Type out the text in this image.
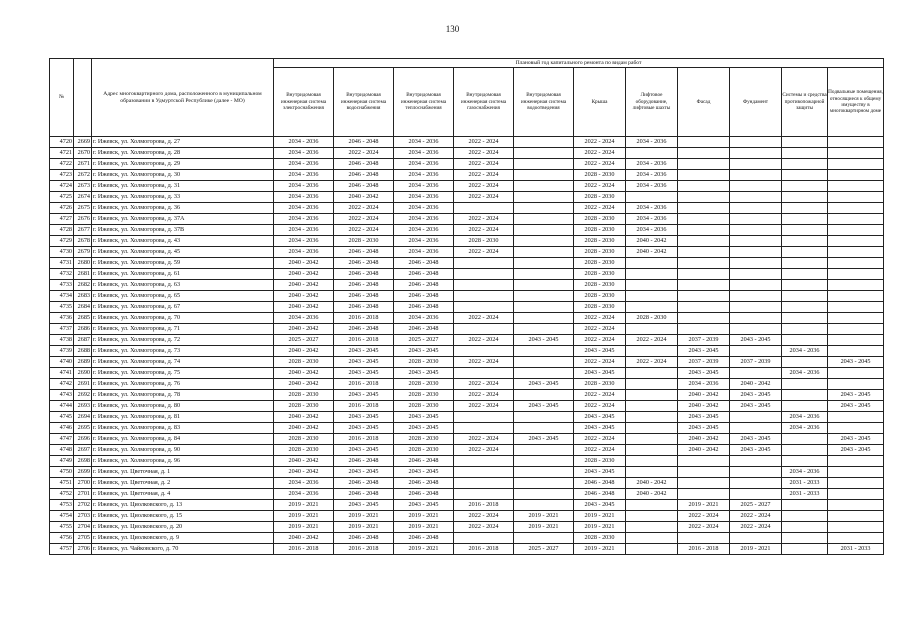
130
№		Адрес многоквартирного дома, расположенного в муниципальном образовании в Удмуртской Республике (далее - МО)	Плановый год капитального ремонта по видам работ										
			Внутридомовая инженерная система электроснабжения	Внутридомовая инженерная система водоснабжения	Внутридомовая инженерная система теплоснабжения	Внутридомовая инженерная система газоснабжения	Внутридомовая инженерная система водоотведения	Крыша	Лифтовое оборудование, лифтовые шахты	Фасад	Фундамент	Системы и средства противопожарной защиты	Подвальные помещения, относящиеся к общему имуществу в многоквартирном доме
4720	2669	г. Ижевск, ул. Холмогорова, д. 27	2034 - 2036	2046 - 2048	2034 - 2036	2022 - 2024		2022 - 2024	2034 - 2036				
4721	2670	г. Ижевск, ул. Холмогорова, д. 28	2034 - 2036	2022 - 2024	2034 - 2036	2022 - 2024		2022 - 2024					
4722	2671	г. Ижевск, ул. Холмогорова, д. 29	2034 - 2036	2046 - 2048	2034 - 2036	2022 - 2024		2022 - 2024	2034 - 2036				
4723	2672	г. Ижевск, ул. Холмогорова, д. 30	2034 - 2036	2046 - 2048	2034 - 2036	2022 - 2024		2028 - 2030	2034 - 2036				
4724	2673	г. Ижевск, ул. Холмогорова, д. 31	2034 - 2036	2046 - 2048	2034 - 2036	2022 - 2024		2022 - 2024	2034 - 2036				
4725	2674	г. Ижевск, ул. Холмогорова, д. 33	2034 - 2036	2040 - 2042	2034 - 2036	2022 - 2024		2028 - 2030					
4726	2675	г. Ижевск, ул. Холмогорова, д. 36	2034 - 2036	2022 - 2024	2034 - 2036			2022 - 2024	2034 - 2036				
4727	2676	г. Ижевск, ул. Холмогорова, д. 37А	2034 - 2036	2022 - 2024	2034 - 2036	2022 - 2024		2028 - 2030	2034 - 2036				
4728	2677	г. Ижевск, ул. Холмогорова, д. 37В	2034 - 2036	2022 - 2024	2034 - 2036	2022 - 2024		2028 - 2030	2034 - 2036				
4729	2678	г. Ижевск, ул. Холмогорова, д. 43	2034 - 2036	2028 - 2030	2034 - 2036	2028 - 2030		2028 - 2030	2040 - 2042				
4730	2679	г. Ижевск, ул. Холмогорова, д. 45	2034 - 2036	2046 - 2048	2034 - 2036	2022 - 2024		2028 - 2030	2040 - 2042				
4731	2680	г. Ижевск, ул. Холмогорова, д. 59	2040 - 2042	2046 - 2048	2046 - 2048			2028 - 2030					
4732	2681	г. Ижевск, ул. Холмогорова, д. 61	2040 - 2042	2046 - 2048	2046 - 2048			2028 - 2030					
4733	2682	г. Ижевск, ул. Холмогорова, д. 63	2040 - 2042	2046 - 2048	2046 - 2048			2028 - 2030					
4734	2683	г. Ижевск, ул. Холмогорова, д. 65	2040 - 2042	2046 - 2048	2046 - 2048			2028 - 2030					
4735	2684	г. Ижевск, ул. Холмогорова, д. 67	2040 - 2042	2046 - 2048	2046 - 2048			2028 - 2030					
4736	2685	г. Ижевск, ул. Холмогорова, д. 70	2034 - 2036	2016 - 2018	2034 - 2036	2022 - 2024		2022 - 2024	2028 - 2030				
4737	2686	г. Ижевск, ул. Холмогорова, д. 71	2040 - 2042	2046 - 2048	2046 - 2048			2022 - 2024					
4738	2687	г. Ижевск, ул. Холмогорова, д. 72	2025 - 2027	2016 - 2018	2025 - 2027	2022 - 2024	2043 - 2045	2022 - 2024	2022 - 2024	2037 - 2039	2043 - 2045		
4739	2688	г. Ижевск, ул. Холмогорова, д. 73	2040 - 2042	2043 - 2045	2043 - 2045			2043 - 2045		2043 - 2045		2034 - 2036	
4740	2689	г. Ижевск, ул. Холмогорова, д. 74	2028 - 2030	2043 - 2045	2028 - 2030	2022 - 2024		2022 - 2024	2022 - 2024	2037 - 2039	2037 - 2039		2043 - 2045
4741	2690	г. Ижевск, ул. Холмогорова, д. 75	2040 - 2042	2043 - 2045	2043 - 2045			2043 - 2045		2043 - 2045		2034 - 2036	
4742	2691	г. Ижевск, ул. Холмогорова, д. 76	2040 - 2042	2016 - 2018	2028 - 2030	2022 - 2024	2043 - 2045	2028 - 2030		2034 - 2036	2040 - 2042		
4743	2692	г. Ижевск, ул. Холмогорова, д. 78	2028 - 2030	2043 - 2045	2028 - 2030	2022 - 2024		2022 - 2024		2040 - 2042	2043 - 2045		2043 - 2045
4744	2693	г. Ижевск, ул. Холмогорова, д. 80	2028 - 2030	2016 - 2018	2028 - 2030	2022 - 2024	2043 - 2045	2022 - 2024		2040 - 2042	2043 - 2045		2043 - 2045
4745	2694	г. Ижевск, ул. Холмогорова, д. 81	2040 - 2042	2043 - 2045	2043 - 2045			2043 - 2045		2043 - 2045		2034 - 2036	
4746	2695	г. Ижевск, ул. Холмогорова, д. 83	2040 - 2042	2043 - 2045	2043 - 2045			2043 - 2045		2043 - 2045		2034 - 2036	
4747	2696	г. Ижевск, ул. Холмогорова, д. 84	2028 - 2030	2016 - 2018	2028 - 2030	2022 - 2024	2043 - 2045	2022 - 2024		2040 - 2042	2043 - 2045		2043 - 2045
4748	2697	г. Ижевск, ул. Холмогорова, д. 90	2028 - 2030	2043 - 2045	2028 - 2030	2022 - 2024		2022 - 2024		2040 - 2042	2043 - 2045		2043 - 2045
4749	2698	г. Ижевск, ул. Холмогорова, д. 96	2040 - 2042	2046 - 2048	2046 - 2048			2028 - 2030					
4750	2699	г. Ижевск, ул. Цветочная, д. 1	2040 - 2042	2043 - 2045	2043 - 2045			2043 - 2045				2034 - 2036	
4751	2700	г. Ижевск, ул. Цветочная, д. 2	2034 - 2036	2046 - 2048	2046 - 2048			2046 - 2048	2040 - 2042			2031 - 2033	
4752	2701	г. Ижевск, ул. Цветочная, д. 4	2034 - 2036	2046 - 2048	2046 - 2048			2046 - 2048	2040 - 2042			2031 - 2033	
4753	2702	г. Ижевск, ул. Циолковского, д. 13	2019 - 2021	2043 - 2045	2043 - 2045	2016 - 2018		2043 - 2045		2019 - 2021	2025 - 2027		
4754	2703	г. Ижевск, ул. Циолковского, д. 15	2019 - 2021	2019 - 2021	2019 - 2021	2022 - 2024	2019 - 2021	2019 - 2021		2022 - 2024	2022 - 2024		
4755	2704	г. Ижевск, ул. Циолковского, д. 20	2019 - 2021	2019 - 2021	2019 - 2021	2022 - 2024	2019 - 2021	2019 - 2021		2022 - 2024	2022 - 2024		
4756	2705	г. Ижевск, ул. Циолковского, д. 9	2040 - 2042	2046 - 2048	2046 - 2048			2028 - 2030					
4757	2706	г. Ижевск, ул. Чайковского, д. 70	2016 - 2018	2016 - 2018	2019 - 2021	2016 - 2018	2025 - 2027	2019 - 2021		2016 - 2018	2019 - 2021		2031 - 2033
